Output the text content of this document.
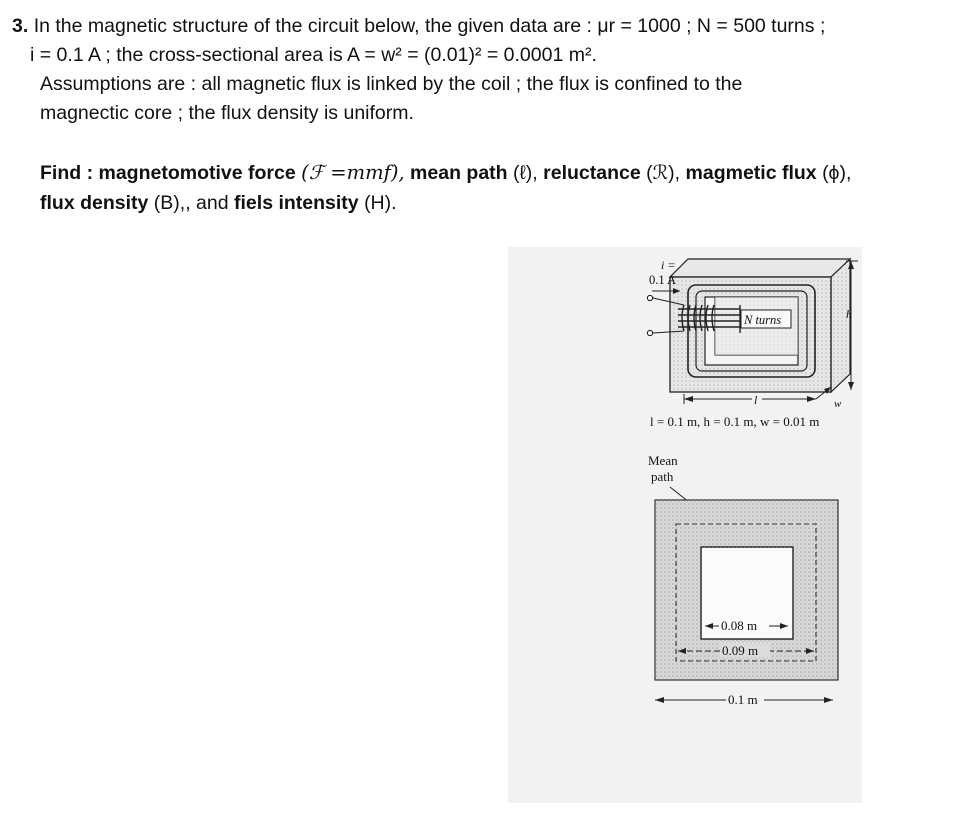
3. In the magnetic structure of the circuit below, the given data are : μr = 1000 ; N = 500 turns ;
i = 0.1 A ; the cross-sectional area is A = w² = (0.01)² = 0.0001 m².
Assumptions are : all magnetic flux is linked by the coil ; the flux is confined to the
magnectic core ; the flux density is uniform.
Find : magnetomotive force (ℱ =mmf), mean path (ℓ), reluctance (ℛ), magmetic flux (ϕ),
flux density (B),, and fiels intensity (H).
N turns
i =
0.1 A
h
l	w
l = 0.1 m, h = 0.1 m, w = 0.01 m
Mean
path
0.08 m
0.09 m
0.1 m
